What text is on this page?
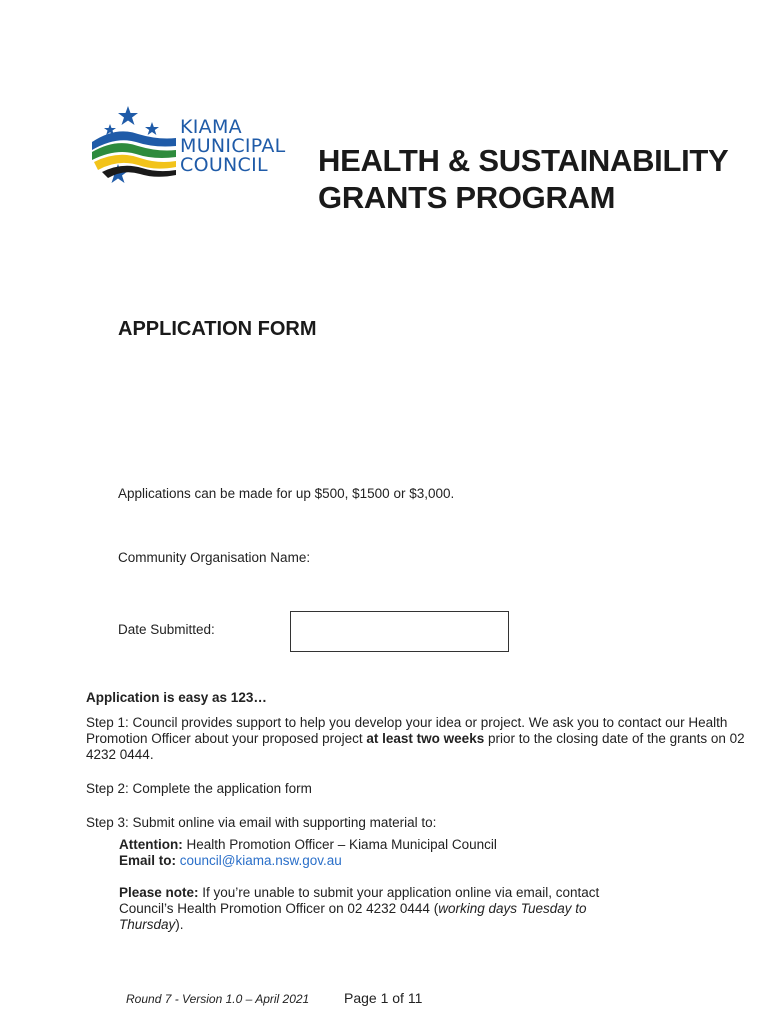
KIAMA
MUNICIPAL
COUNCIL	HEALTH & SUSTAINABILITY
GRANTS PROGRAM
APPLICATION FORM
Applications can be made for up $500, $1500 or $3,000.
Community Organisation Name:
Date Submitted:

Application is easy as 123…

Step 1: Council provides support to help you develop your idea or project. We ask you to contact our Health Promotion Officer about your proposed project at least two weeks prior to the closing date of the grants on 02 4232 0444.

Step 2: Complete the application form

Step 3: Submit online via email with supporting material to:

Attention: Health Promotion Officer – Kiama Municipal Council

Email to: council@kiama.nsw.gov.au

Please note: If you’re unable to submit your application online via email, contact Council’s Health Promotion Officer on 02 4232 0444 (working days Tuesday to Thursday).

Round 7 - Version 1.0 – April 2021 Page 1 of 11
